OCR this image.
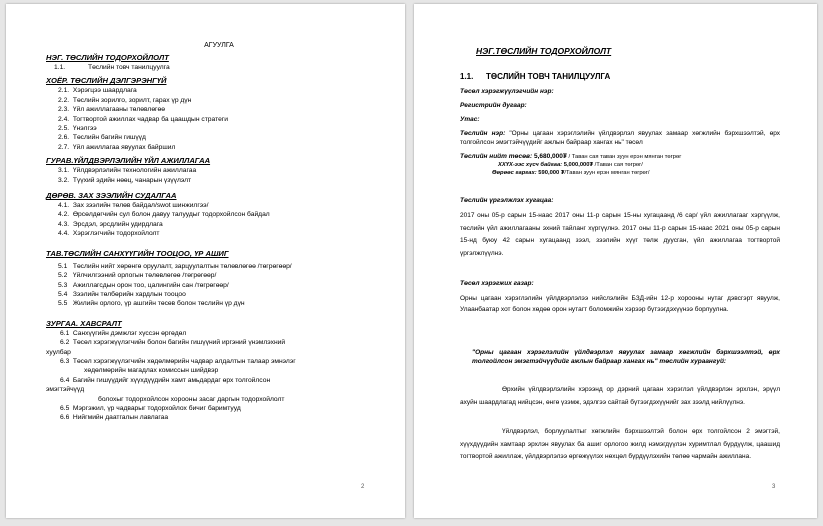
АГУУЛГА
НЭГ. ТӨСЛИЙН ТОДОРХОЙЛОЛТ
1.1.	Төслийн товч танилцуулга
ХОЁР. ТӨСЛИЙН ДЭЛГЭРЭНГҮЙ
2.1. Хэрэгцээ шаардлага
2.2. Төслийн зорилго, зорилт, гарах үр дүн
2.3. Үйл ажиллагааны төлөвлөгөө
2.4. Тогтвортой ажиллах чадвар ба цаашдын стратеги
2.5. Үнэлгээ
2.6. Төслийн багийн гишүүд
2.7. Үйл ажиллагаа явуулах байршил
ГУРАВ.ҮЙЛДВЭРЛЭЛИЙН ҮЙЛ АЖИЛЛАГАА
3.1. Үйлдвэрлэлийн технологийн ажиллагаа
3.2. Түүхий эдийн нөөц, чанарын үзүүлэлт
ДӨРӨВ. ЗАХ ЗЭЭЛИЙН СУДАЛГАА
4.1. Зах зээлийн төлөв байдал/swot шинжилгээ/
4.2. Өрсөлдөгчийн сул болон давуу талуудыг тодорхойлсон байдал
4.3. Эрсдэл, эрсдлийн удирдлага
4.4. Хэрэглэгчийн тодорхойлолт
ТАВ.ТӨСЛИЙН САНХҮҮГИЙН ТООЦОО, ҮР АШИГ
5.1 Төслийн нийт хөрөнгө оруулалт, зарцуулалтын төлөвлөгөө /төгрөгөөр/
5.2 Үйлчилгээний орлогын төлөвлөгөө /төгрөгөөр/
5.3 Ажиллагсдын орон тоо, цалингийн сан /төгрөгөөр/
5.4 Зээлийн төлбөрийн хардлын тооцоо
5.5 Жилийн орлого, үр ашгийн төсөв болон төслийн үр дүн
ЗУРГАА. ХАВСРАЛТ
6.1 Санхүүгийн дэмжлэг хүссэн өргөдөл
6.2 Төсөл хэрэгжүүлэгчийн болон багийн гишүүний иргэний үнэмлэхний
хуулбар
6.3 Төсөл хэрэгжүүлэгчийн хөдөлмөрийн чадвар алдалтын талаар эмнэлэг
хөдөлмөрийн магадлах комиссын шийдвэр
6.4 Багийн гишүүдийг хүүхдүүдийн хамт амьдардаг өрх толгойлсон
эмэгтэйчүүд
болохыг тодорхойлсон хорооны засаг даргын тодорхойлолт
6.5 Мэргэжил, үр чадварыг тодорхойлох бичиг баримтууд
6.6 Нийгмийн даатгалын лавлагаа
2
НЭГ.ТӨСЛИЙН ТОДОРХОЙЛОЛТ
1.1. ТӨСЛИЙН ТОВЧ ТАНИЛЦУУЛГА
Төсөл хэрэгжүүлэгчийн нэр:
Регистрийн дугаар:
Утас:
Төслийн нэр: "Орны цагаан хэрэглэлийн үйлдвэрлэл явуулах замаар хөгжлийн бэрхшээлтэй, өрх толгойлсон эмэгтэйчүүдийг ажлын байраар хангах нь" төсөл
Төслийн нийт төсөв: 5,680,000₮ / Таван сая таван зуун ерэн мянган төгрөг
ХХҮХ-ээс хүсч байгаа: 5,000,000₮ /Таван сая төгрөг/
Өөрөөс гаргах: 590,000 ₮/Таван зуун ерэн мянган төгрөг/
Төслийн үргэлжлэх хугацаа:
2017 оны 05-р сарын 15-наас 2017 оны 11-р сарын 15-ны хугацаанд /6 сар/ үйл ажиллагааг хэргүүлж, төслийн үйл ажиллагааны эхний тайланг хүргүүлнэ. 2017 оны 11-р сарын 15-наас 2021 оны 05-р сарын 15-нд буюу 42 сарын хугацаанд зээл, зээлийн хүүг төлж дуусган, үйл ажиллагаа тогтвортой үргэлжлүүлнэ.
Төсөл хэрэгжих газар:
Орны цагаан хэрэглэлийн үйлдвэрлэлээ нийслэлийн БЗД-ийн 12-р хорооны нутаг дэвсгэрт явуулж, Улаанбаатар хот болон хөдөө орон нутагт боломжийн хэрээр бүтээгдэхүүнээ борлуулна.
"Орны цагаан хэрэглэлийн үйлдвэрлэл явуулах замаар хөгжлийн бэрхшээлтэй, өрх толгойлсон эмэгтэйчүүдийг ажлын байраар хангах нь" төслийн хураангуй:
Өрхийн үйлдвэрлэлийн хэрээнд ор дэрний цагаан хэрэглэл үйлдвэрлэн эрхлэн, эрүүл ахуйн шаардлагад нийцсэн, өнгө үзэмж, эдэлгээ сайтай бүтээгдэхүүнийг зах зээлд нийлүүлнэ.
Үйлдвэрлэл, борлуулалтыг хөгжлийн бэрхшээлтэй болон өрх толгойлсон 2 эмэгтэй, хүүхдүүдийн хамтаар эрхлэн явуулах ба ашиг орлогоо жилд нэмэгдүүлэн хуримтлал бүрдүүлж, цаашид тогтвортой ажиллаж, үйлдвэрлэлээ өргөжүүлэх нөхцөл бүрдүүлэхийн төлөө чармайн ажиллана.
3
